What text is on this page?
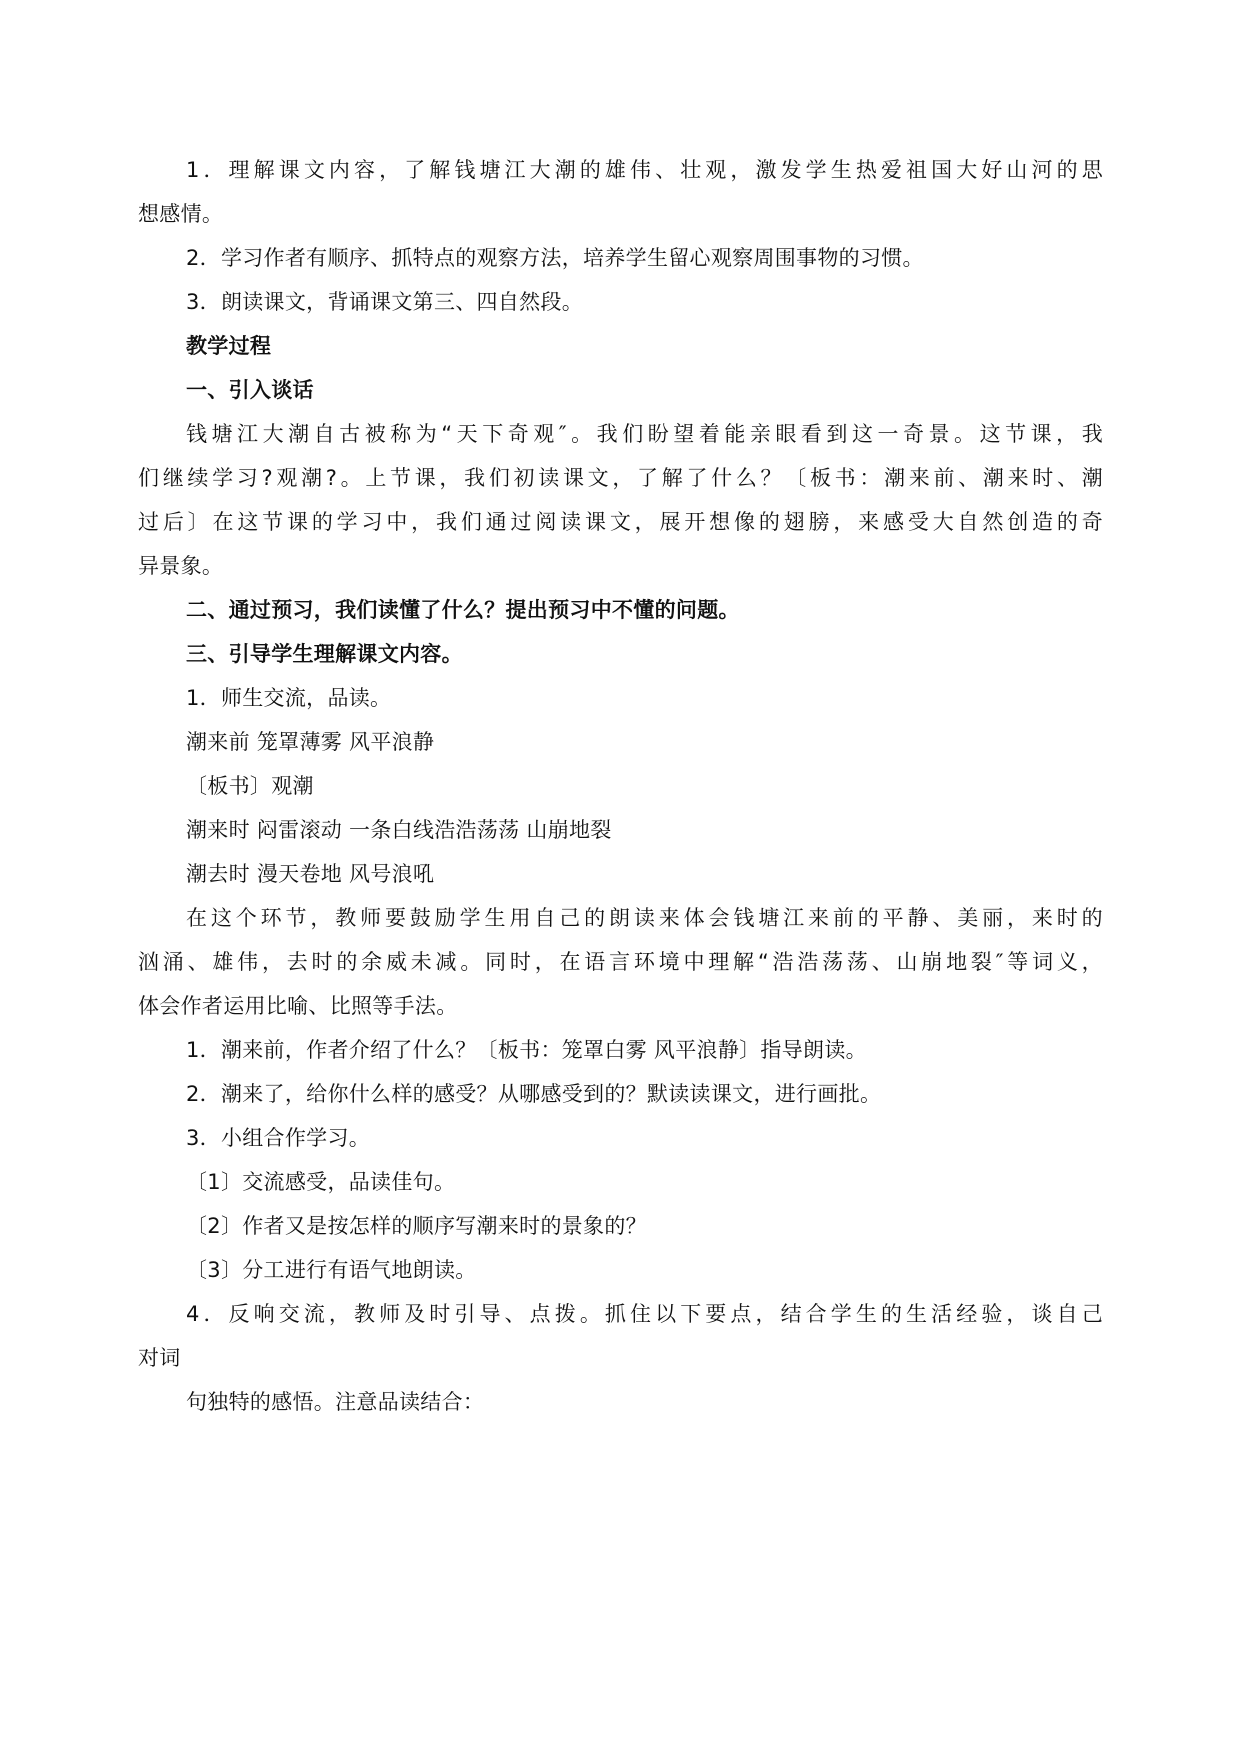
1．理解课文内容，了解钱塘江大潮的雄伟、壮观，激发学生热爱祖国大好山河的思
想感情。
2．学习作者有顺序、抓特点的观察方法，培养学生留心观察周围事物的习惯。
3．朗读课文，背诵课文第三、四自然段。
教学过程
一、引入谈话
钱塘江大潮自古被称为“天下奇观″。我们盼望着能亲眼看到这一奇景。这节课，我
们继续学习?观潮?。上节课，我们初读课文，了解了什么？〔板书：潮来前、潮来时、潮
过后〕在这节课的学习中，我们通过阅读课文，展开想像的翅膀，来感受大自然创造的奇
异景象。
二、通过预习，我们读懂了什么？提出预习中不懂的问题。
三、引导学生理解课文内容。
1．师生交流，品读。
潮来前 笼罩薄雾 风平浪静
〔板书〕观潮
潮来时 闷雷滚动 一条白线浩浩荡荡 山崩地裂
潮去时 漫天卷地 风号浪吼
在这个环节，教师要鼓励学生用自己的朗读来体会钱塘江来前的平静、美丽，来时的
汹涌、雄伟，去时的余威未减。同时，在语言环境中理解“浩浩荡荡、山崩地裂″等词义，
体会作者运用比喻、比照等手法。
1．潮来前，作者介绍了什么？〔板书：笼罩白雾 风平浪静〕指导朗读。
2．潮来了，给你什么样的感受？从哪感受到的？默读读课文，进行画批。
3．小组合作学习。
〔1〕交流感受，品读佳句。
〔2〕作者又是按怎样的顺序写潮来时的景象的？
〔3〕分工进行有语气地朗读。
4．反响交流，教师及时引导、点拨。抓住以下要点，结合学生的生活经验，谈自己
对词
句独特的感悟。注意品读结合：
